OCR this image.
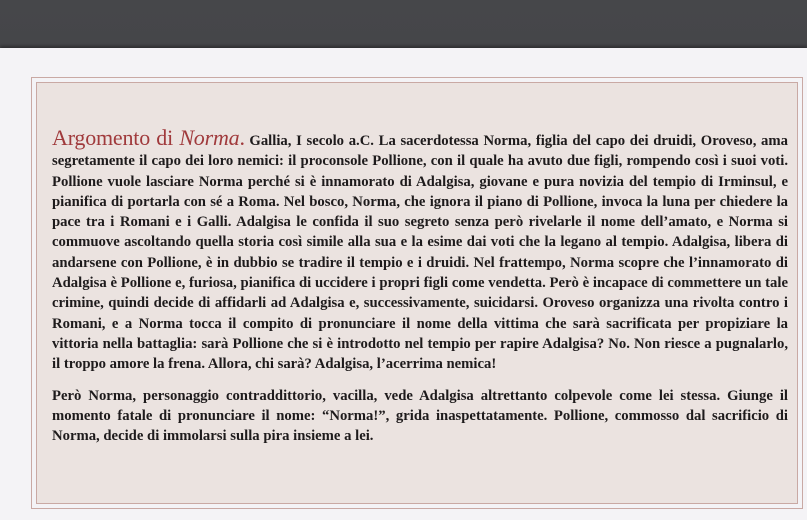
Argomento di Norma. Gallia, I secolo a.C. La sacerdotessa Norma, figlia del capo dei druidi, Oroveso, ama segretamente il capo dei loro nemici: il proconsole Pollione, con il quale ha avuto due figli, rompendo così i suoi voti. Pollione vuole lasciare Norma perché si è innamorato di Adalgisa, giovane e pura novizia del tempio di Irminsul, e pianifica di portarla con sé a Roma. Nel bosco, Norma, che ignora il piano di Pollione, invoca la luna per chiedere la pace tra i Romani e i Galli. Adalgisa le confida il suo segreto senza però rivelarle il nome dell’amato, e Norma si commuove ascoltando quella storia così simile alla sua e la esime dai voti che la legano al tempio. Adalgisa, libera di andarsene con Pollione, è in dubbio se tradire il tempio e i druidi. Nel frattempo, Norma scopre che l’innamorato di Adalgisa è Pollione e, furiosa, pianifica di uccidere i propri figli come vendetta. Però è incapace di commettere un tale crimine, quindi decide di affidarli ad Adalgisa e, successivamente, suicidarsi. Oroveso organizza una rivolta contro i Romani, e a Norma tocca il compito di pronunciare il nome della vittima che sarà sacrificata per propiziare la vittoria nella battaglia: sarà Pollione che si è introdotto nel tempio per rapire Adalgisa? No. Non riesce a pugnalarlo, il troppo amore la frena. Allora, chi sarà? Adalgisa, l’acerrima nemica!

Però Norma, personaggio contraddittorio, vacilla, vede Adalgisa altrettanto colpevole come lei stessa. Giunge il momento fatale di pronunciare il nome: “Norma!”, grida inaspettatamente. Pollione, commosso dal sacrificio di Norma, decide di immolarsi sulla pira insieme a lei.
